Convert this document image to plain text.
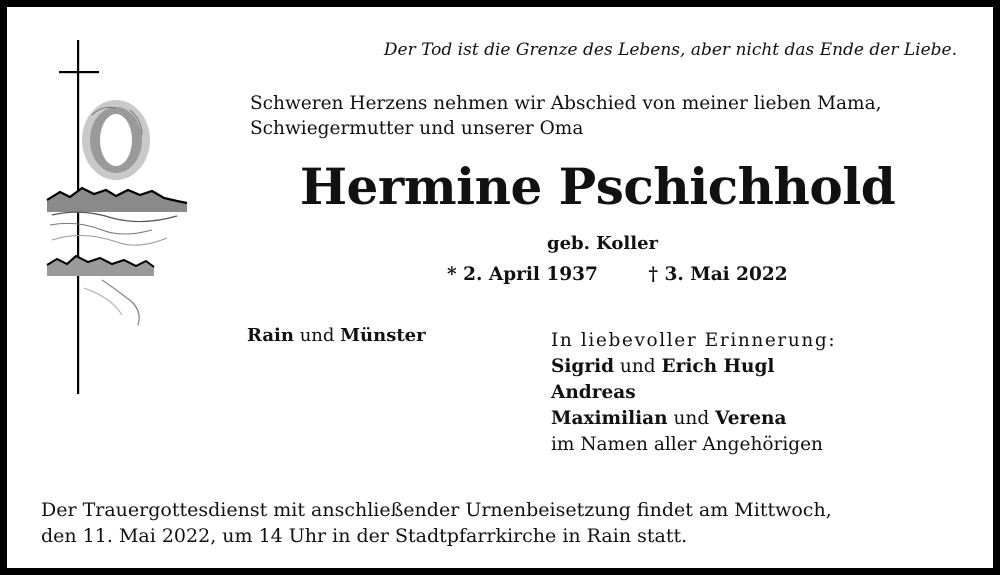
Der Tod ist die Grenze des Lebens, aber nicht das Ende der Liebe.
Schweren Herzens nehmen wir Abschied von meiner lieben Mama,
Schwiegermutter und unserer Oma
Hermine Pschichhold
geb. Koller
* 2. April 1937	† 3. Mai 2022
Rain und Münster	In liebevoller Erinnerung:
Sigrid und Erich Hugl
Andreas
Maximilian und Verena
im Namen aller Angehörigen
Der Trauergottesdienst mit anschließender Urnenbeisetzung findet am Mittwoch,
den 11. Mai 2022, um 14 Uhr in der Stadtpfarrkirche in Rain statt.
